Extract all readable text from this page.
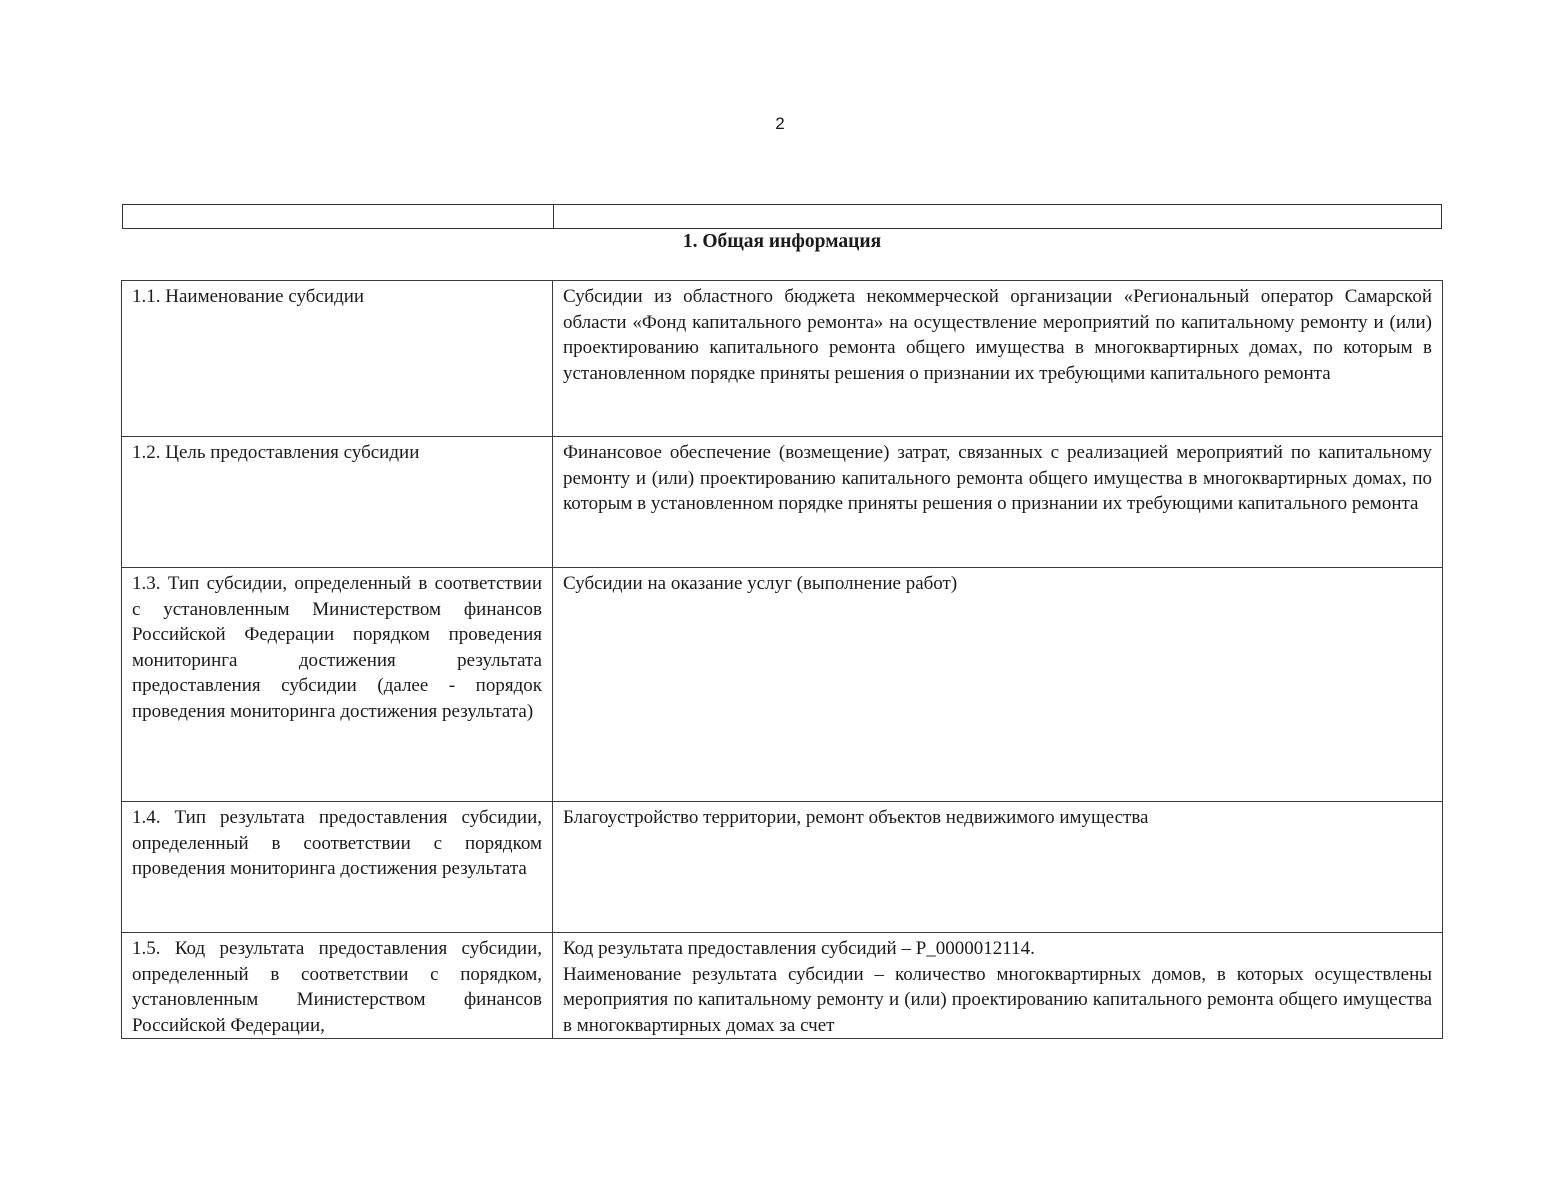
2
1. Общая информация
1.1. Наименование субсидии	Субсидии из областного бюджета некоммерческой организации «Региональный оператор Самарской области «Фонд капитального ремонта» на осуществление мероприятий по капитальному ремонту и (или) проектированию капитального ремонта общего имущества в многоквартирных домах, по которым в установленном порядке приняты решения о признании их требующими капитального ремонта

1.2. Цель предоставления субсидии	Финансовое обеспечение (возмещение) затрат, связанных с реализацией мероприятий по капитальному ремонту и (или) проектированию капитального ремонта общего имущества в многоквартирных домах, по которым в установленном порядке приняты решения о признании их требующими капитального ремонта

1.3. Тип субсидии, определенный в соответствии с установленным Министерством финансов Российской Федерации порядком проведения мониторинга достижения результата предоставления субсидии (далее - порядок проведения мониторинга достижения результата)	Субсидии на оказание услуг (выполнение работ)

1.4. Тип результата предоставления субсидии, определенный в соответствии с порядком проведения мониторинга достижения результата	Благоустройство территории, ремонт объектов недвижимого имущества

1.5. Код результата предоставления субсидии, определенный в соответствии с порядком, установленным Министерством финансов Российской Федерации,	Код результата предоставления субсидий – Р_0000012114.

Наименование результата субсидии – количество многоквартирных домов, в которых осуществлены мероприятия по капитальному ремонту и (или) проектированию капитального ремонта общего имущества в многоквартирных домах за счет
